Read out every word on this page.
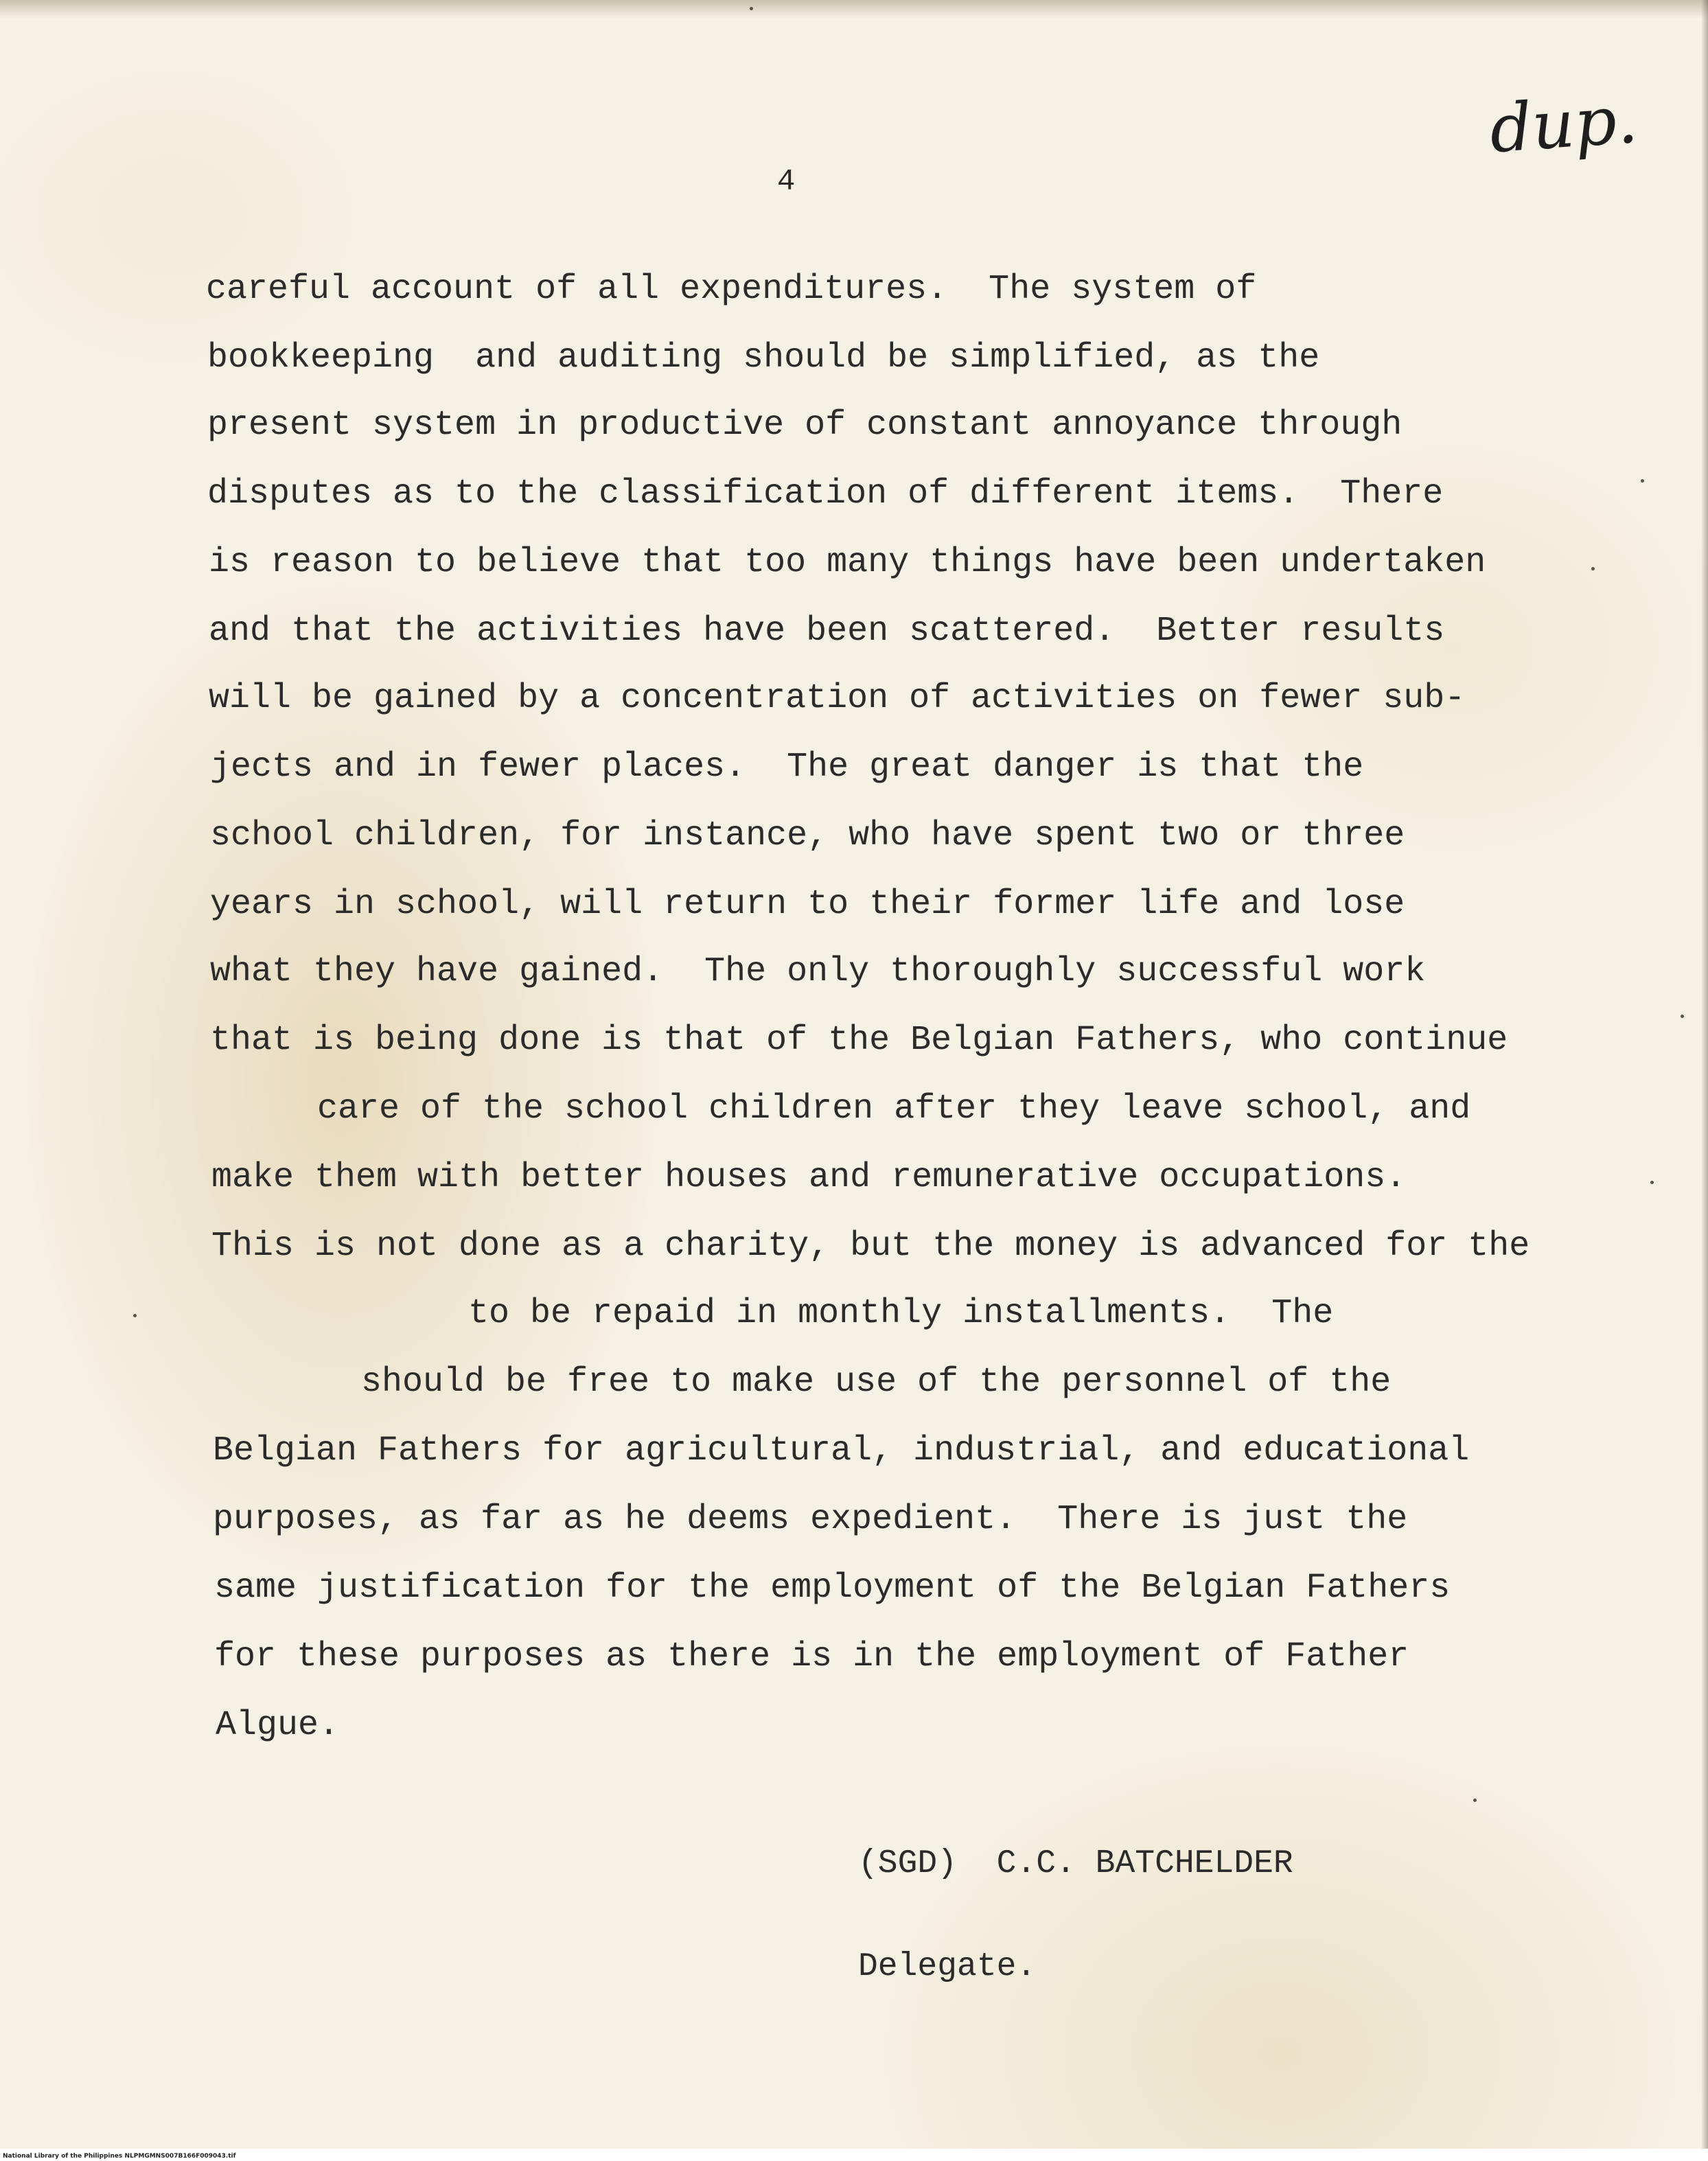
dup.
4

careful account of all expenditures.  The system of

bookkeeping  and auditing should be simplified, as the

present system in productive of constant annoyance through

disputes as to the classification of different items.  There

is reason to believe that too many things have been undertaken

and that the activities have been scattered.  Better results

will be gained by a concentration of activities on fewer sub-

jects and in fewer places.  The great danger is that the

school children, for instance, who have spent two or three

years in school, will return to their former life and lose

what they have gained.  The only thoroughly successful work

that is being done is that of the Belgian Fathers, who continue

care of the school children after they leave school, and

make them with better houses and remunerative occupations.

This is not done as a charity, but the money is advanced for the

to be repaid in monthly installments.  The

should be free to make use of the personnel of the

Belgian Fathers for agricultural, industrial, and educational

purposes, as far as he deems expedient.  There is just the

same justification for the employment of the Belgian Fathers

for these purposes as there is in the employment of Father

Algue.

(SGD)  C.C. BATCHELDER

Delegate.

National Library of the Philippines NLPMGMNS007B166F009043.tif
